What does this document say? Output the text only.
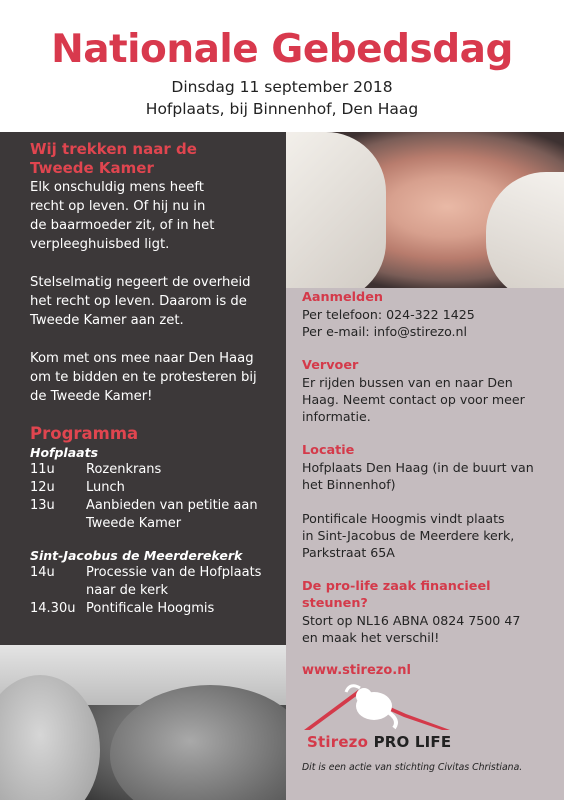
Nationale Gebedsdag
Dinsdag 11 september 2018
Hofplaats, bij Binnenhof, Den Haag
Wij trekken naar de
Tweede Kamer

Elk onschuldig mens heeft
recht op leven. Of hij nu in
de baarmoeder zit, of in het
verpleeghuisbed ligt.

Stelselmatig negeert de overheid
het recht op leven. Daarom is de
Tweede Kamer aan zet.

Kom met ons mee naar Den Haag
om te bidden en te protesteren bij
de Tweede Kamer!

Programma
Hofplaats
11u	Rozenkrans
12u	Lunch
13u	Aanbieden van petitie aan
Tweede Kamer
Sint-Jacobus de Meerderekerk
14u	Processie van de Hofplaats
naar de kerk
14.30u Pontificale Hoogmis
Aanmelden
Per telefoon: 024-322 1425
Per e-mail: info@stirezo.nl
Vervoer
Er rijden bussen van en naar Den
Haag. Neemt contact op voor meer
informatie.
Locatie
Hofplaats Den Haag (in de buurt van
het Binnenhof)
Pontificale Hoogmis vindt plaats
in Sint-Jacobus de Meerdere kerk,
Parkstraat 65A
De pro-life zaak financieel steunen?
Stort op NL16 ABNA 0824 7500 47
en maak het verschil!
www.stirezo.nl
Stirezo PRO LIFE
Dit is een actie van stichting Civitas Christiana.
